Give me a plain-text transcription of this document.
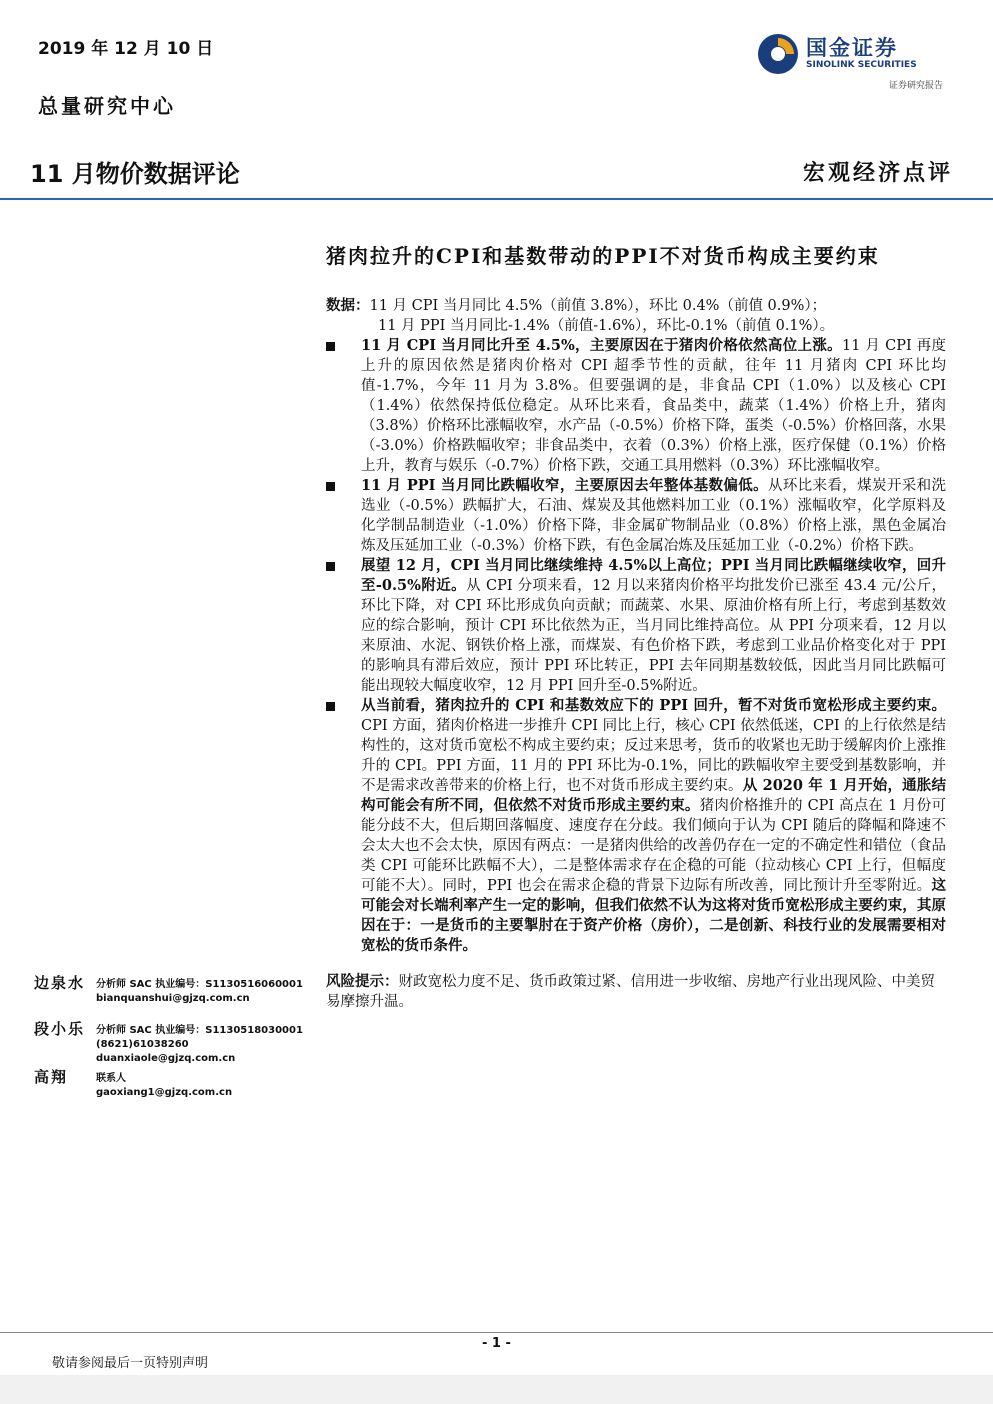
2019 年 12 月 10 日
总量研究中心
国金证券
SINOLINK SECURITIES
证券研究报告
11 月物价数据评论	宏观经济点评
猪肉拉升的CPI和基数带动的PPI不对货币构成主要约束
数据：11 月 CPI 当月同比 4.5%（前值 3.8%），环比 0.4%（前值 0.9%）；
11 月 PPI 当月同比-1.4%（前值-1.6%），环比-0.1%（前值 0.1%）。
11 月 CPI 当月同比升至 4.5%，主要原因在于猪肉价格依然高位上涨。11 月 CPI 再度上升的原因依然是猪肉价格对 CPI 超季节性的贡献，往年 11 月猪肉 CPI 环比均值-1.7%，今年 11 月为 3.8%。但要强调的是，非食品 CPI（1.0%）以及核心 CPI（1.4%）依然保持低位稳定。从环比来看，食品类中，蔬菜（1.4%）价格上升，猪肉（3.8%）价格环比涨幅收窄，水产品（-0.5%）价格下降，蛋类（-0.5%）价格回落，水果（-3.0%）价格跌幅收窄；非食品类中，衣着（0.3%）价格上涨，医疗保健（0.1%）价格上升，教育与娱乐（-0.7%）价格下跌，交通工具用燃料（0.3%）环比涨幅收窄。
11 月 PPI 当月同比跌幅收窄，主要原因去年整体基数偏低。从环比来看，煤炭开采和洗选业（-0.5%）跌幅扩大，石油、煤炭及其他燃料加工业（0.1%）涨幅收窄，化学原料及化学制品制造业（-1.0%）价格下降，非金属矿物制品业（0.8%）价格上涨，黑色金属冶炼及压延加工业（-0.3%）价格下跌，有色金属冶炼及压延加工业（-0.2%）价格下跌。
展望 12 月，CPI 当月同比继续维持 4.5%以上高位；PPI 当月同比跌幅继续收窄，回升至-0.5%附近。从 CPI 分项来看，12 月以来猪肉价格平均批发价已涨至 43.4 元/公斤，环比下降，对 CPI 环比形成负向贡献；而蔬菜、水果、原油价格有所上行，考虑到基数效应的综合影响，预计 CPI 环比依然为正，当月同比维持高位。从 PPI 分项来看，12 月以来原油、水泥、钢铁价格上涨，而煤炭、有色价格下跌，考虑到工业品价格变化对于 PPI 的影响具有滞后效应，预计 PPI 环比转正，PPI 去年同期基数较低，因此当月同比跌幅可能出现较大幅度收窄，12 月 PPI 回升至-0.5%附近。
从当前看，猪肉拉升的 CPI 和基数效应下的 PPI 回升，暂不对货币宽松形成主要约束。CPI 方面，猪肉价格进一步推升 CPI 同比上行，核心 CPI 依然低迷，CPI 的上行依然是结构性的，这对货币宽松不构成主要约束；反过来思考，货币的收紧也无助于缓解肉价上涨推升的 CPI。PPI 方面，11 月的 PPI 环比为-0.1%，同比的跌幅收窄主要受到基数影响，并不是需求改善带来的价格上行，也不对货币形成主要约束。从 2020 年 1 月开始，通胀结构可能会有所不同，但依然不对货币形成主要约束。猪肉价格推升的 CPI 高点在 1 月份可能分歧不大，但后期回落幅度、速度存在分歧。我们倾向于认为 CPI 随后的降幅和降速不会太大也不会太快，原因有两点：一是猪肉供给的改善仍存在一定的不确定性和错位（食品类 CPI 可能环比跌幅不大），二是整体需求存在企稳的可能（拉动核心 CPI 上行，但幅度可能不大）。同时，PPI 也会在需求企稳的背景下边际有所改善，同比预计升至零附近。这可能会对长端利率产生一定的影响，但我们依然不认为这将对货币宽松形成主要约束，其原因在于：一是货币的主要掣肘在于资产价格（房价），二是创新、科技行业的发展需要相对宽松的货币条件。
风险提示：财政宽松力度不足、货币政策过紧、信用进一步收缩、房地产行业出现风险、中美贸易摩擦升温。
边泉水 分析师 SAC 执业编号：S1130516060001
bianquanshui@gjzq.com.cn
段小乐 分析师 SAC 执业编号：S1130518030001
(8621)61038260
duanxiaole@gjzq.com.cn
高翔	联系人
gaoxiang1@gjzq.com.cn
- 1 -
敬请参阅最后一页特别声明
